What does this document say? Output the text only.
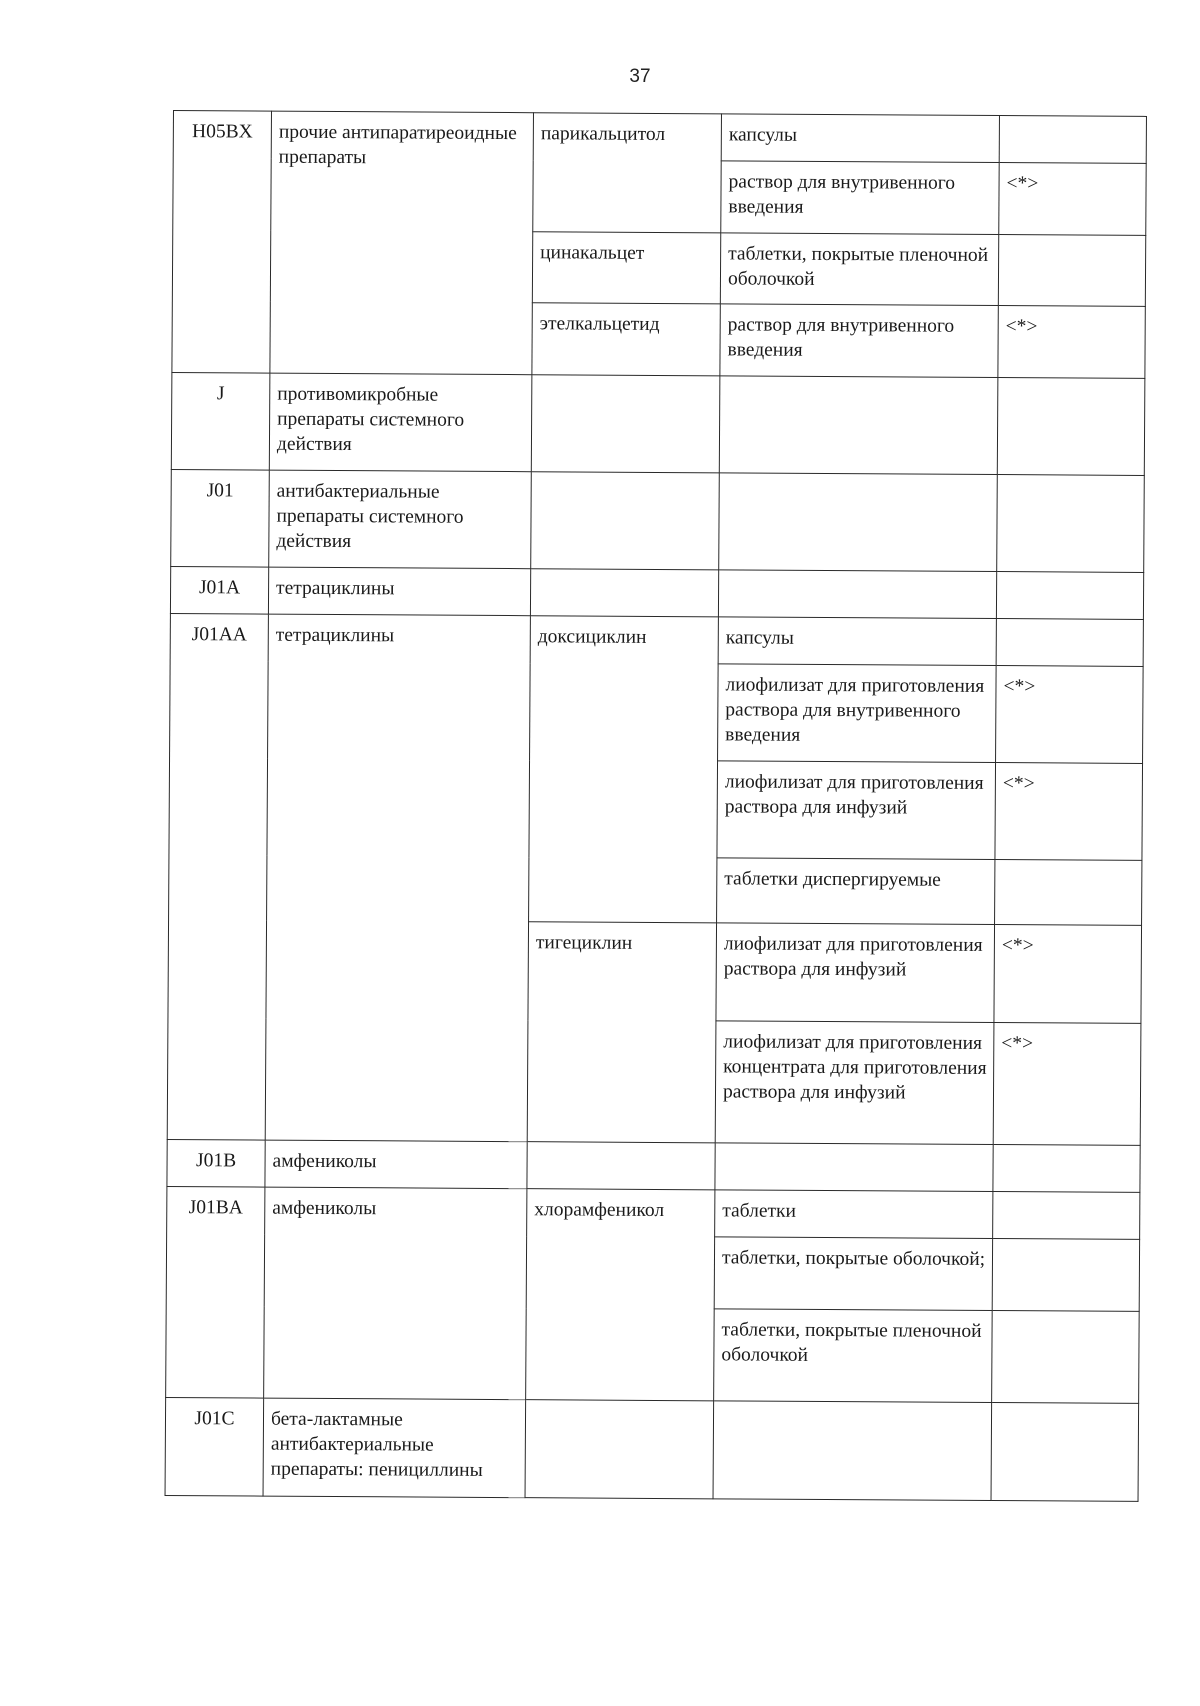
37
H05BX	прочие антипаратиреоидные препараты	парикальцитол	капсулы	
			раствор для внутривенного введения	<*>
		цинакальцет	таблетки, покрытые пленочной оболочкой	
		этелкальцетид	раствор для внутривенного введения	<*>
J	противомикробные препараты системного действия			
J01	антибактериальные препараты системного действия			
J01A	тетрациклины			
J01AA	тетрациклины	доксициклин	капсулы	
			лиофилизат для приготовления раствора для внутривенного введения	<*>
			лиофилизат для приготовления раствора для инфузий	<*>
			таблетки диспергируемые	
		тигециклин	лиофилизат для приготовления раствора для инфузий	<*>
			лиофилизат для приготовления концентрата для приготовления раствора для инфузий	<*>
J01B	амфениколы			
J01BA	амфениколы	хлорамфеникол	таблетки	
			таблетки, покрытые оболочкой;	
			таблетки, покрытые пленочной оболочкой	
J01C	бета-лактамные антибактериальные препараты: пенициллины			
